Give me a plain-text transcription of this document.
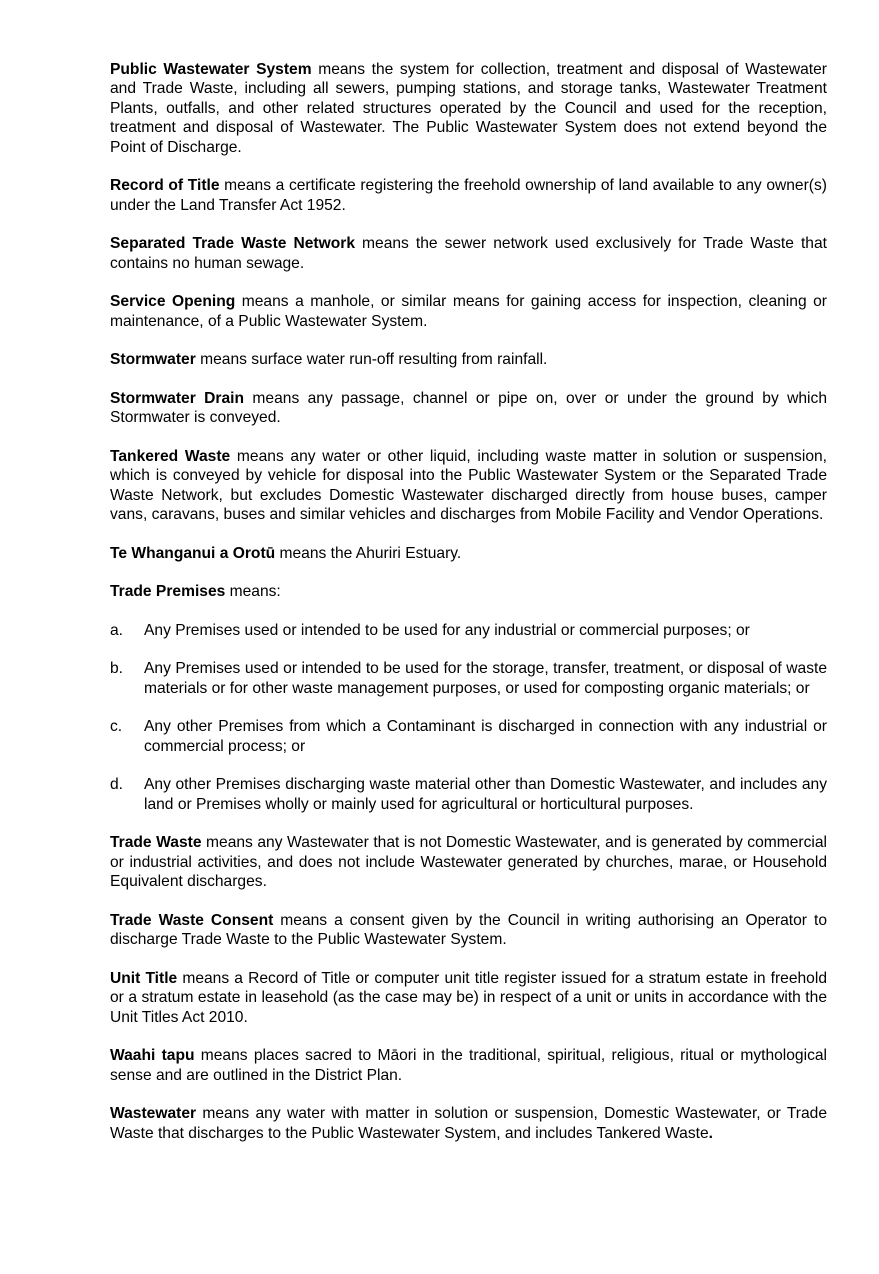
Public Wastewater System means the system for collection, treatment and disposal of Wastewater and Trade Waste, including all sewers, pumping stations, and storage tanks, Wastewater Treatment Plants, outfalls, and other related structures operated by the Council and used for the reception, treatment and disposal of Wastewater. The Public Wastewater System does not extend beyond the Point of Discharge.

Record of Title means a certificate registering the freehold ownership of land available to any owner(s) under the Land Transfer Act 1952.

Separated Trade Waste Network means the sewer network used exclusively for Trade Waste that contains no human sewage.

Service Opening means a manhole, or similar means for gaining access for inspection, cleaning or maintenance, of a Public Wastewater System.

Stormwater means surface water run-off resulting from rainfall.

Stormwater Drain means any passage, channel or pipe on, over or under the ground by which Stormwater is conveyed.

Tankered Waste means any water or other liquid, including waste matter in solution or suspension, which is conveyed by vehicle for disposal into the Public Wastewater System or the Separated Trade Waste Network, but excludes Domestic Wastewater discharged directly from house buses, camper vans, caravans, buses and similar vehicles and discharges from Mobile Facility and Vendor Operations.

Te Whanganui a Orotū means the Ahuriri Estuary.

Trade Premises means:

a.	Any Premises used or intended to be used for any industrial or commercial purposes; or
b.	Any Premises used or intended to be used for the storage, transfer, treatment, or disposal of waste materials or for other waste management purposes, or used for composting organic materials; or
c.	Any other Premises from which a Contaminant is discharged in connection with any industrial or commercial process; or
d.	Any other Premises discharging waste material other than Domestic Wastewater, and includes any land or Premises wholly or mainly used for agricultural or horticultural purposes.

Trade Waste means any Wastewater that is not Domestic Wastewater, and is generated by commercial or industrial activities, and does not include Wastewater generated by churches, marae, or Household Equivalent discharges.

Trade Waste Consent means a consent given by the Council in writing authorising an Operator to discharge Trade Waste to the Public Wastewater System.

Unit Title means a Record of Title or computer unit title register issued for a stratum estate in freehold or a stratum estate in leasehold (as the case may be) in respect of a unit or units in accordance with the Unit Titles Act 2010.

Waahi tapu means places sacred to Māori in the traditional, spiritual, religious, ritual or mythological sense and are outlined in the District Plan.

Wastewater means any water with matter in solution or suspension, Domestic Wastewater, or Trade Waste that discharges to the Public Wastewater System, and includes Tankered Waste.
